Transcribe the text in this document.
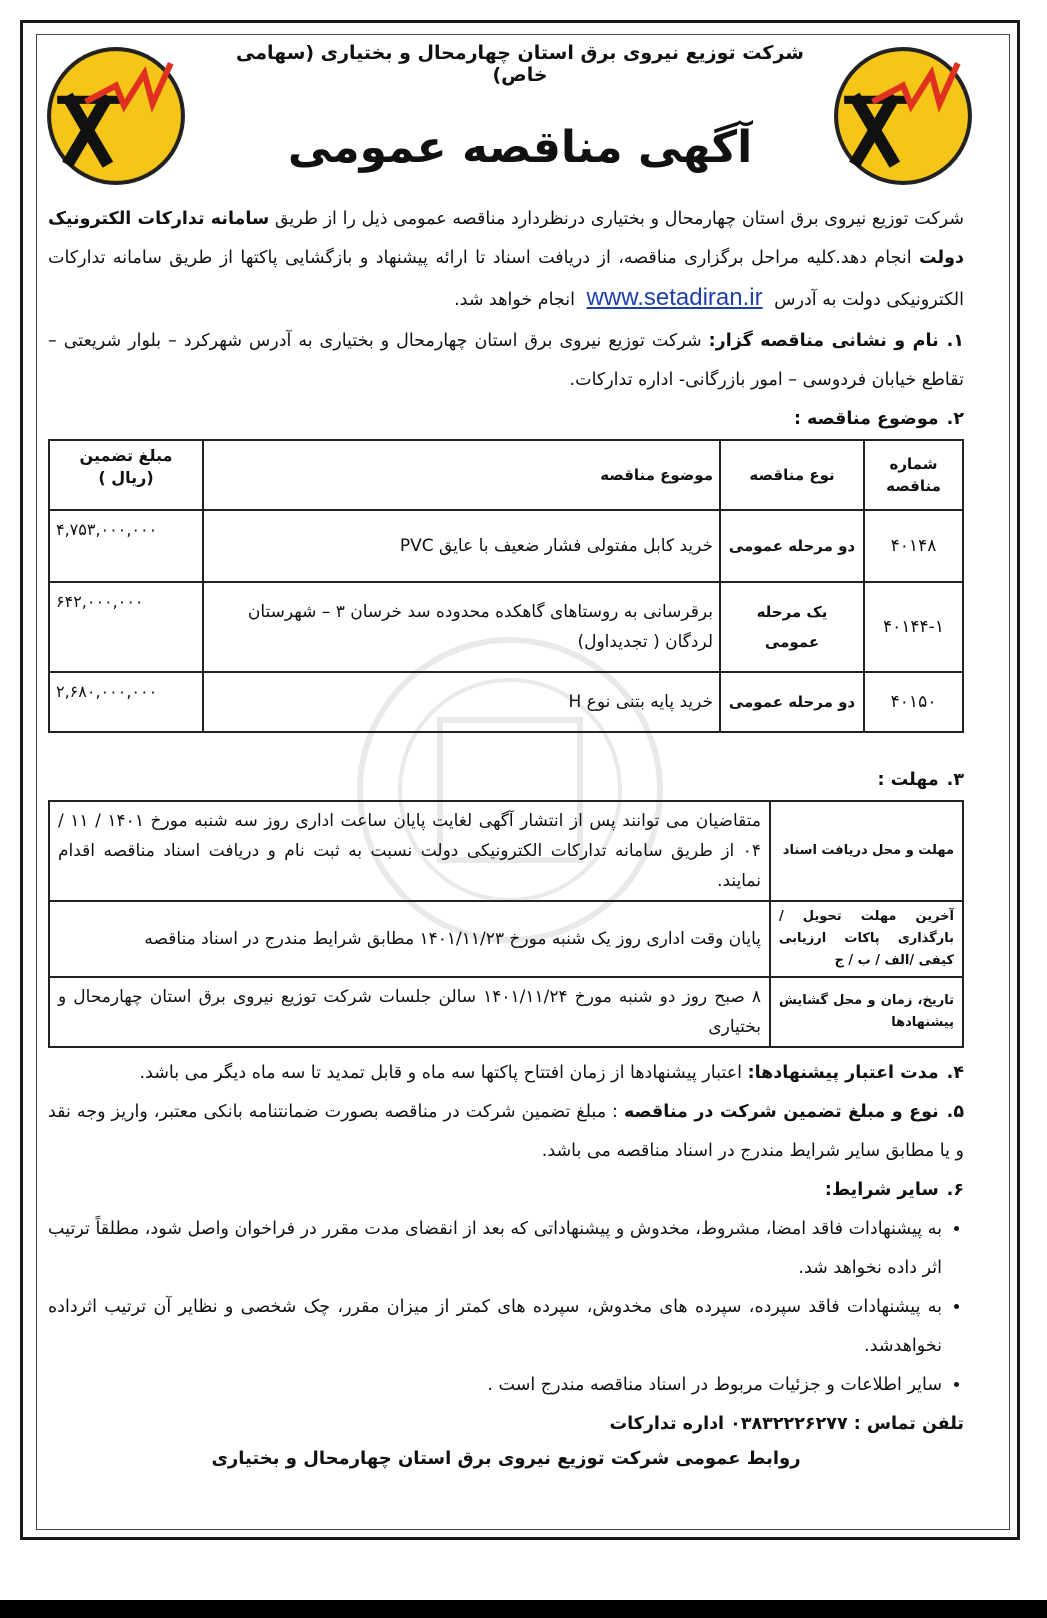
شرکت توزیع نیروی برق استان چهارمحال و بختیاری (سهامی خاص)
آگهی مناقصه عمومی

شرکت توزیع نیروی برق استان چهارمحال و بختیاری درنظردارد مناقصه عمومی ذیل را از طریق سامانه تدارکات الکترونیک دولت انجام دهد.کلیه مراحل برگزاری مناقصه، از دریافت اسناد تا ارائه پیشنهاد و بازگشایی پاکتها از طریق سامانه تدارکات الکترونیکی دولت به آدرس www.setadiran.ir انجام خواهد شد.

۱.نام و نشانی مناقصه گزار: شرکت توزیع نیروی برق استان چهارمحال و بختیاری به آدرس شهرکرد – بلوار شریعتی – تقاطع خیابان فردوسی – امور بازرگانی- اداره تدارکات.

۲.موضوع مناقصه :

شماره مناقصه	نوع مناقصه	موضوع مناقصه	مبلغ تضمین (ریال )
۴۰۱۴۸	دو مرحله عمومی	خرید کابل مفتولی فشار ضعیف با عایق PVC	۴,۷۵۳,۰۰۰,۰۰۰
۴۰۱۴۴-۱	یک مرحله عمومی	برقرسانی به روستاهای گاهکده محدوده سد خرسان ۳ – شهرستان لردگان ( تجدیداول)	۶۴۲,۰۰۰,۰۰۰
۴۰۱۵۰	دو مرحله عمومی	خرید پایه بتنی نوع H	۲,۶۸۰,۰۰۰,۰۰۰

۳.مهلت :

مهلت و محل دریافت اسناد	متقاضیان می توانند پس از انتشار آگهی لغایت پایان ساعت اداری روز سه شنبه مورخ ۱۴۰۱ / ۱۱ / ۰۴ از طریق سامانه تدارکات الکترونیکی دولت نسبت به ثبت نام و دریافت اسناد مناقصه اقدام نمایند.
آخرین مهلت تحویل / بارگذاری پاکات ارزیابی کیفی /الف / ب / ج	پایان وقت اداری روز یک شنبه مورخ ۱۴۰۱/۱۱/۲۳ مطابق شرایط مندرج در اسناد مناقصه
تاریخ، زمان و محل گشایش پیشنهادها	۸ صبح روز دو شنبه مورخ ۱۴۰۱/۱۱/۲۴ سالن جلسات شرکت توزیع نیروی برق استان چهارمحال و بختیاری

۴.مدت اعتبار پیشنهادها: اعتبار پیشنهادها از زمان افتتاح پاکتها سه ماه و قابل تمدید تا سه ماه دیگر می باشد.

۵.نوع و مبلغ تضمین شرکت در مناقصه : مبلغ تضمین شرکت در مناقصه بصورت ضمانتنامه بانکی معتبر، واریز وجه نقد و یا مطابق سایر شرایط مندرج در اسناد مناقصه می باشد.

۶.سایر شرایط:

• به پیشنهادات فاقد امضا، مشروط، مخدوش و پیشنهاداتی که بعد از انقضای مدت مقرر در فراخوان واصل شود، مطلقاً ترتیب اثر داده نخواهد شد.
• به پیشنهادات فاقد سپرده، سپرده های مخدوش، سپرده های کمتر از میزان مقرر، چک شخصی و نظایر آن ترتیب اثرداده نخواهدشد.
• سایر اطلاعات و جزئیات مربوط در اسناد مناقصه مندرج است .

تلفن تماس : ۰۳۸۳۲۲۲۶۲۷۷ اداره تدارکات

روابط عمومی شرکت توزیع نیروی برق استان چهارمحال و بختیاری
